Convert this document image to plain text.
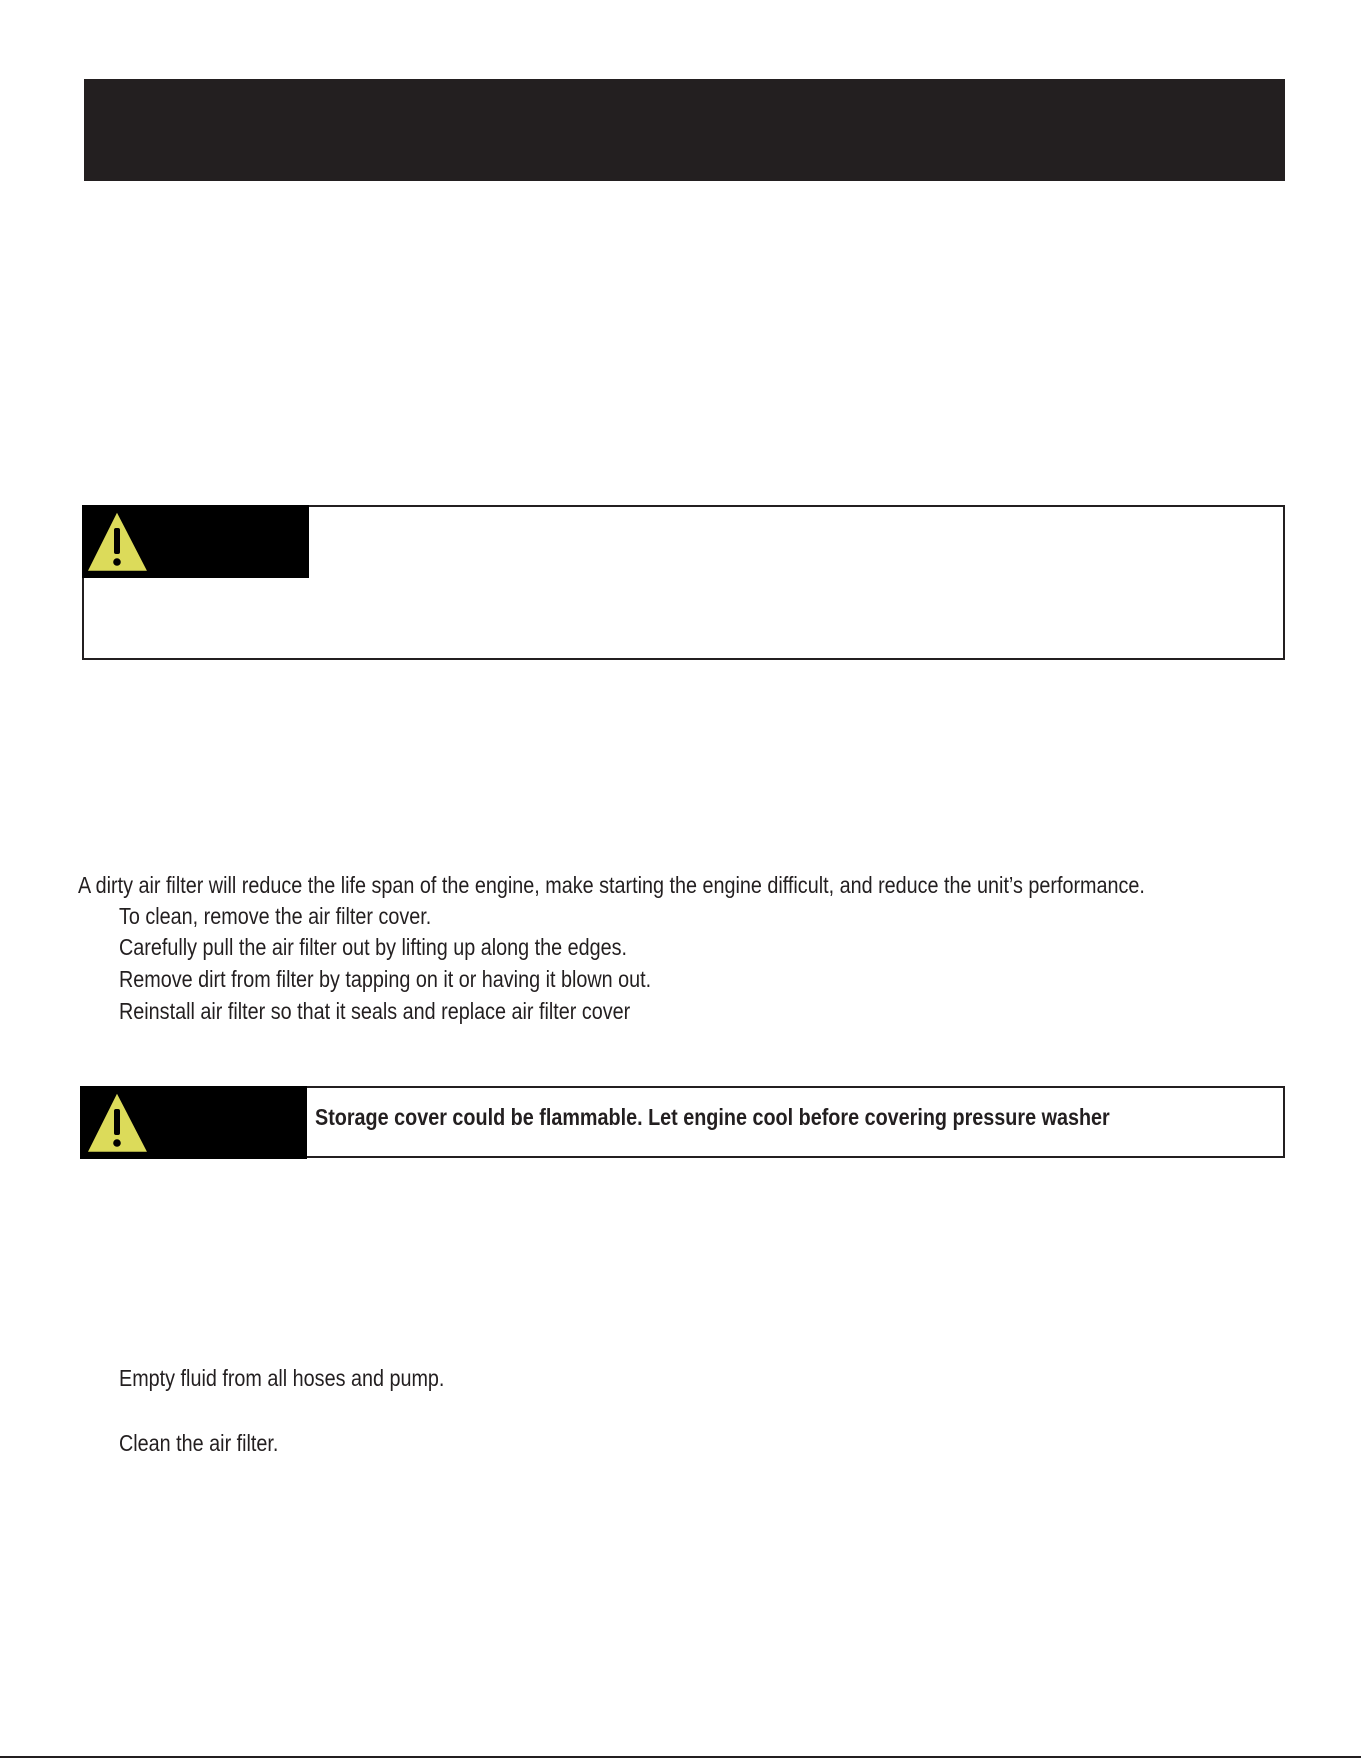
A dirty air filter will reduce the life span of the engine, make starting the engine difficult, and reduce the unit’s performance.
To clean, remove the air filter cover.
Carefully pull the air filter out by lifting up along the edges.
Remove dirt from filter by tapping on it or having it blown out.
Reinstall air filter so that it seals and replace air filter cover
Storage cover could be flammable. Let engine cool before covering pressure washer
Empty fluid from all hoses and pump.
Clean the air filter.
